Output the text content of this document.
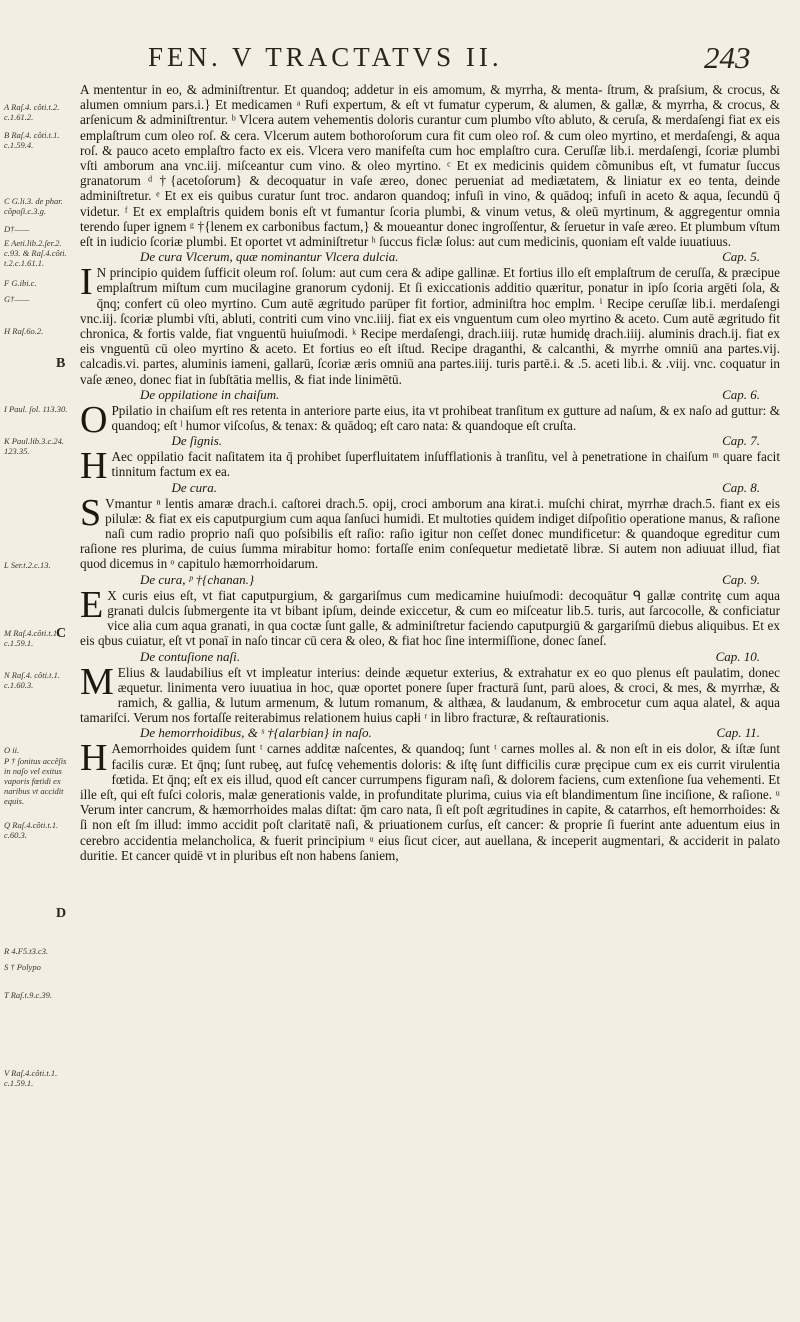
FEN. V TRACTATVS II.	243
A Raſ.4. côti.t.2.
c.1.61.2.
B Raſ.4. côti.t.1.
c.1.59.4.
C G.li.3. de phar.
côpoſi.c.3.g.
D†——
E Aeti.lib.2.ſer.2.
c.93. & Raſ.4.côti.
t.2.c.1.61.1.
F G.ibi.c.
G†——
H Raſ.6o.2.
I Paul. ſol. 113.30.
K Paul.lib.3.c.24.
123.35.
L Ser.t.2.c.13.
M Raſ.4.côti.t.1.
c.1.59.1.
N Raſ.4. côti.t.1.
c.1.60.3.
O ii.
P † ſonitus accêſis
in naſo vel exitus
vaporis fœtidi ex
naribus vt accidit
equis.
Q Raſ.4.côti.t.1.
c.60.3.
R 4.F5.t3.c3.
S † Polypo
T Raſ.t.9.c.39.
V Raſ.4.côti.t.1.
c.1.59.1.
B
C
D

A mententur in eo, & adminiſtrentur. Et quandoq; addetur in eis amomum, & myrrha, & menta‑ ſtrum, & praſsium, & crocus, & alumen omnium pars.i.} Et medicamen ᵃ Rufi expertum, & eſt vt fumatur cyperum, & alumen, & gallæ, & myrrha, & crocus, & arſenicum & adminiſtrentur. ᵇ Vlcera autem vehementis doloris curantur cum plumbo vſto abluto, & ceruſa, & merdaſengi fiat ex eis emplaſtrum cum oleo roſ. & cera. Vlcerum autem bothoroſorum cura fit cum oleo roſ. & cum oleo myrtino, et merdaſengi, & aqua roſ. & pauco aceto emplaſtro facto ex eis. Vlcera vero manifeſta cum hoc emplaſtro cura. Ceruſſæ lib.i. merdaſengi, ſcoriæ plumbi vſti amborum ana vnc.iij. miſceantur cum vino. & oleo myrtino. ᶜ Et ex medicinis quidem cõmunibus eſt, vt fumatur ſuccus granatorum ᵈ †{acetoſorum} & decoquatur in vaſe æreo, donec perueniat ad mediætatem, & liniatur ex eo tenta, deinde adminiſtretur. ᵉ Et ex eis quibus curatur ſunt troc. andaron quandoq; infuſi in vino, & quādoq; infuſi in aceto & aqua, ſecundū q̄ videtur. ᶠ Et ex emplaſtris quidem bonis eſt vt fumantur ſcoria plumbi, & vinum vetus, & oleū myrtinum, & aggregentur omnia terendo ſuper ignem ᵍ †{lenem ex carbonibus factum,} & moueantur donec ingroſſentur, & ſeruetur in vaſe æreo. Et plumbum vſtum eſt in iudicio ſcoriæ plumbi. Et oportet vt adminiſtretur ʰ ſuccus ficlæ ſolus: aut cum medicinis, quoniam eſt valde iuuatiuus.

De cura Vlcerum, quæ nominantur Vlcera dulcia.	Cap. 5.

I N principio quidem ſufficit oleum roſ. ſolum: aut cum cera & adipe gallinæ. Et fortius illo eſt emplaſtrum de ceruſſa, & præcipue emplaſtrum miſtum cum mucilagine granorum cydonij. Et ſi exiccationis additio quæritur, ponatur in ipſo ſcoria argēti ſola, & q̄nq; confert cū oleo myrtino. Cum autē ægritudo parūper fit fortior, adminiſtra hoc emplm. ⁱ Recipe ceruſſæ lib.i. merdaſengi vnc.iij. ſcoriæ plumbi vſti, abluti, contriti cum vino vnc.iiij. fiat ex eis vnguentum cum oleo myrtino & aceto. Cum autē ægritudo fit chronica, & fortis valde, fiat vnguentū huiuſmodi. ᵏ Recipe merdaſengi, drach.iiij. rutæ humidę drach.iiij. aluminis drach.ij. fiat ex eis vnguentū cū oleo myrtino & aceto. Et fortius eo eſt iſtud. Recipe draganthi, & calcanthi, & myrrhe omniū ana partes.vij. calcadis.vi. partes, aluminis iameni, gallarū, ſcoriæ æris omniū ana partes.iiij. turis partē.i. & .5. aceti lib.i. & .viij. vnc. coquatur in vaſe æneo, donec fiat in ſubſtātia mellis, & fiat inde linimētū.

De oppilatione in chaiſum.	Cap. 6.

O Ppilatio in chaiſum eſt res retenta in anteriore parte eius, ita vt prohibeat tranſitum ex gutture ad naſum, & ex naſo ad guttur: & quandoq; eſt ˡ humor viſcoſus, & tenax: & quādoq; eſt caro nata: & quandoque eſt cruſta.

De ſignis.	Cap. 7.

H Aec oppilatio facit naſitatem ita q̄ prohibet ſuperfluitatem inſufflationis à tranſitu, vel à penetratione in chaiſum ᵐ quare facit tinnitum factum ex ea.

De cura.	Cap. 8.

S Vmantur ⁿ lentis amaræ drach.i. caſtorei drach.5. opij, croci amborum ana kirat.i. muſchi chirat, myrrhæ drach.5. fiant ex eis pilulæ: & fiat ex eis caputpurgium cum aqua ſanſuci humidi. Et multoties quidem indiget diſpoſitio operatione manus, & raſione naſi cum radio proprio naſi quo poſsibilis eſt raſio: raſio igitur non ceſſet donec mundificetur: & quandoque egreditur cum raſione res plurima, de cuius ſumma mirabitur homo: fortaſſe enim conſequetur medietatē libræ. Si autem non adiuuat illud, fiat quod dicemus in ᵒ capitulo hæmorrhoidarum.

De cura, ᵖ †{chanan.}	Cap. 9.

E X curis eius eſt, vt fiat caputpurgium, & gargariſmus cum medicamine huiuſmodi: decoquātur ᑫ gallæ contritę cum aqua granati dulcis ſubmergente ita vt bibant ipſum, deinde exiccetur, & cum eo miſceatur lib.5. turis, aut ſarcocolle, & conficiatur vice alia cum aqua granati, in qua coctæ ſunt galle, & adminiſtretur faciendo caputpurgiū & gargariſmū diebus aliquibus. Et ex eis qbus cuiatur, eſt vt ponaī in naſo tincar cū cera & oleo, & fiat hoc ſine intermiſſione, donec ſaneſ.

De contuſione naſi.	Cap. 10.

M Elius & laudabilius eſt vt impleatur interius: deinde æquetur exterius, & extrahatur ex eo quo plenus eſt paulatim, donec æquetur. linimenta vero iuuatiua in hoc, quæ oportet ponere ſuper fracturā ſunt, parū aloes, & croci, & mes, & myrrhæ, & ramich, & gallia, & lutum armenum, & lutum romanum, & althæa, & laudanum, & embrocetur cum aqua alatel, & aqua tamariſci. Verum nos fortaſſe reiterabimus relationem huius capłi ʳ in libro fracturæ, & reſtaurationis.

De hemorrhoidibus, & ˢ †{alarbian} in naſo.	Cap. 11.

H Aemorrhoides quidem ſunt ᵗ carnes additæ naſcentes, & quandoq; ſunt ᵗ carnes molles al. & non eſt in eis dolor, & iſtæ ſunt facilis curæ. Et q̄nq; ſunt rubeę, aut fuſcę vehementis doloris: & iſtę ſunt difficilis curæ pręcipue cum ex eis currit virulentia fœtida. Et q̄nq; eſt ex eis illud, quod eſt cancer currumpens figuram naſi, & dolorem faciens, cum extenſione ſua vehementi. Et ille eſt, qui eſt fuſci coloris, malæ generationis valde, in profunditate plurima, cuius via eſt blandimentum ſine inciſione, & raſione. ᵘ Verum inter cancrum, & hæmorrhoides malas diſtat: q̄m caro nata, ſi eſt poſt ægritudines in capite, & catarrhos, eſt hemorrhoides: & ſi non eſt ſm illud: immo accidit poſt claritatē naſi, & priuationem curſus, eſt cancer: & proprie ſi fuerint ante aduentum eius in cerebro accidentia melancholica, & fuerit principium ᵘ eius ſicut cicer, aut auellana, & inceperit augmentari, & acciderit in palato duritie. Et cancer quidē vt in pluribus eſt non habens ſaniem,
